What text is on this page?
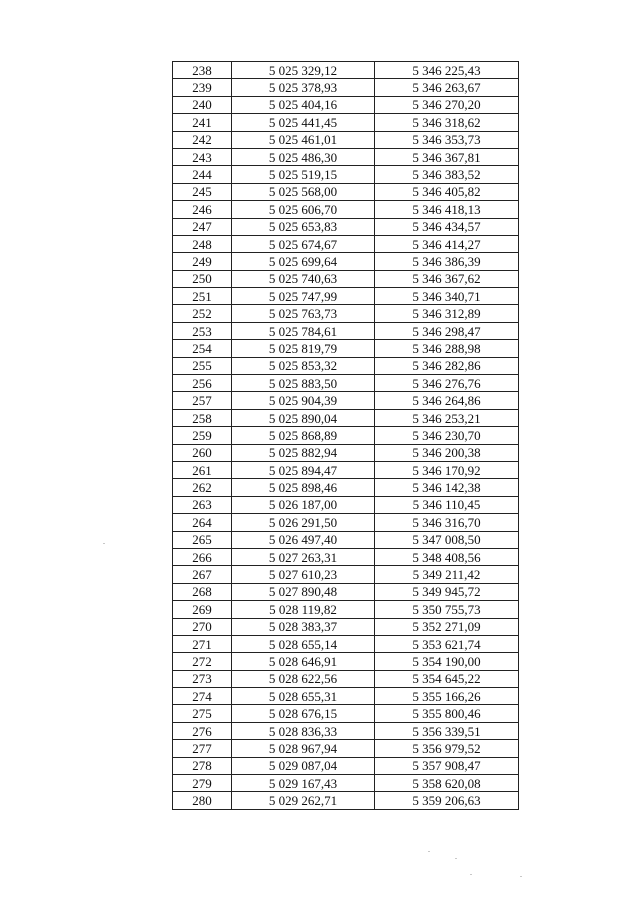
238	5 025 329,12	5 346 225,43
239	5 025 378,93	5 346 263,67
240	5 025 404,16	5 346 270,20
241	5 025 441,45	5 346 318,62
242	5 025 461,01	5 346 353,73
243	5 025 486,30	5 346 367,81
244	5 025 519,15	5 346 383,52
245	5 025 568,00	5 346 405,82
246	5 025 606,70	5 346 418,13
247	5 025 653,83	5 346 434,57
248	5 025 674,67	5 346 414,27
249	5 025 699,64	5 346 386,39
250	5 025 740,63	5 346 367,62
251	5 025 747,99	5 346 340,71
252	5 025 763,73	5 346 312,89
253	5 025 784,61	5 346 298,47
254	5 025 819,79	5 346 288,98
255	5 025 853,32	5 346 282,86
256	5 025 883,50	5 346 276,76
257	5 025 904,39	5 346 264,86
258	5 025 890,04	5 346 253,21
259	5 025 868,89	5 346 230,70
260	5 025 882,94	5 346 200,38
261	5 025 894,47	5 346 170,92
262	5 025 898,46	5 346 142,38
263	5 026 187,00	5 346 110,45
264	5 026 291,50	5 346 316,70
265	5 026 497,40	5 347 008,50
266	5 027 263,31	5 348 408,56
267	5 027 610,23	5 349 211,42
268	5 027 890,48	5 349 945,72
269	5 028 119,82	5 350 755,73
270	5 028 383,37	5 352 271,09
271	5 028 655,14	5 353 621,74
272	5 028 646,91	5 354 190,00
273	5 028 622,56	5 354 645,22
274	5 028 655,31	5 355 166,26
275	5 028 676,15	5 355 800,46
276	5 028 836,33	5 356 339,51
277	5 028 967,94	5 356 979,52
278	5 029 087,04	5 357 908,47
279	5 029 167,43	5 358 620,08
280	5 029 262,71	5 359 206,63
